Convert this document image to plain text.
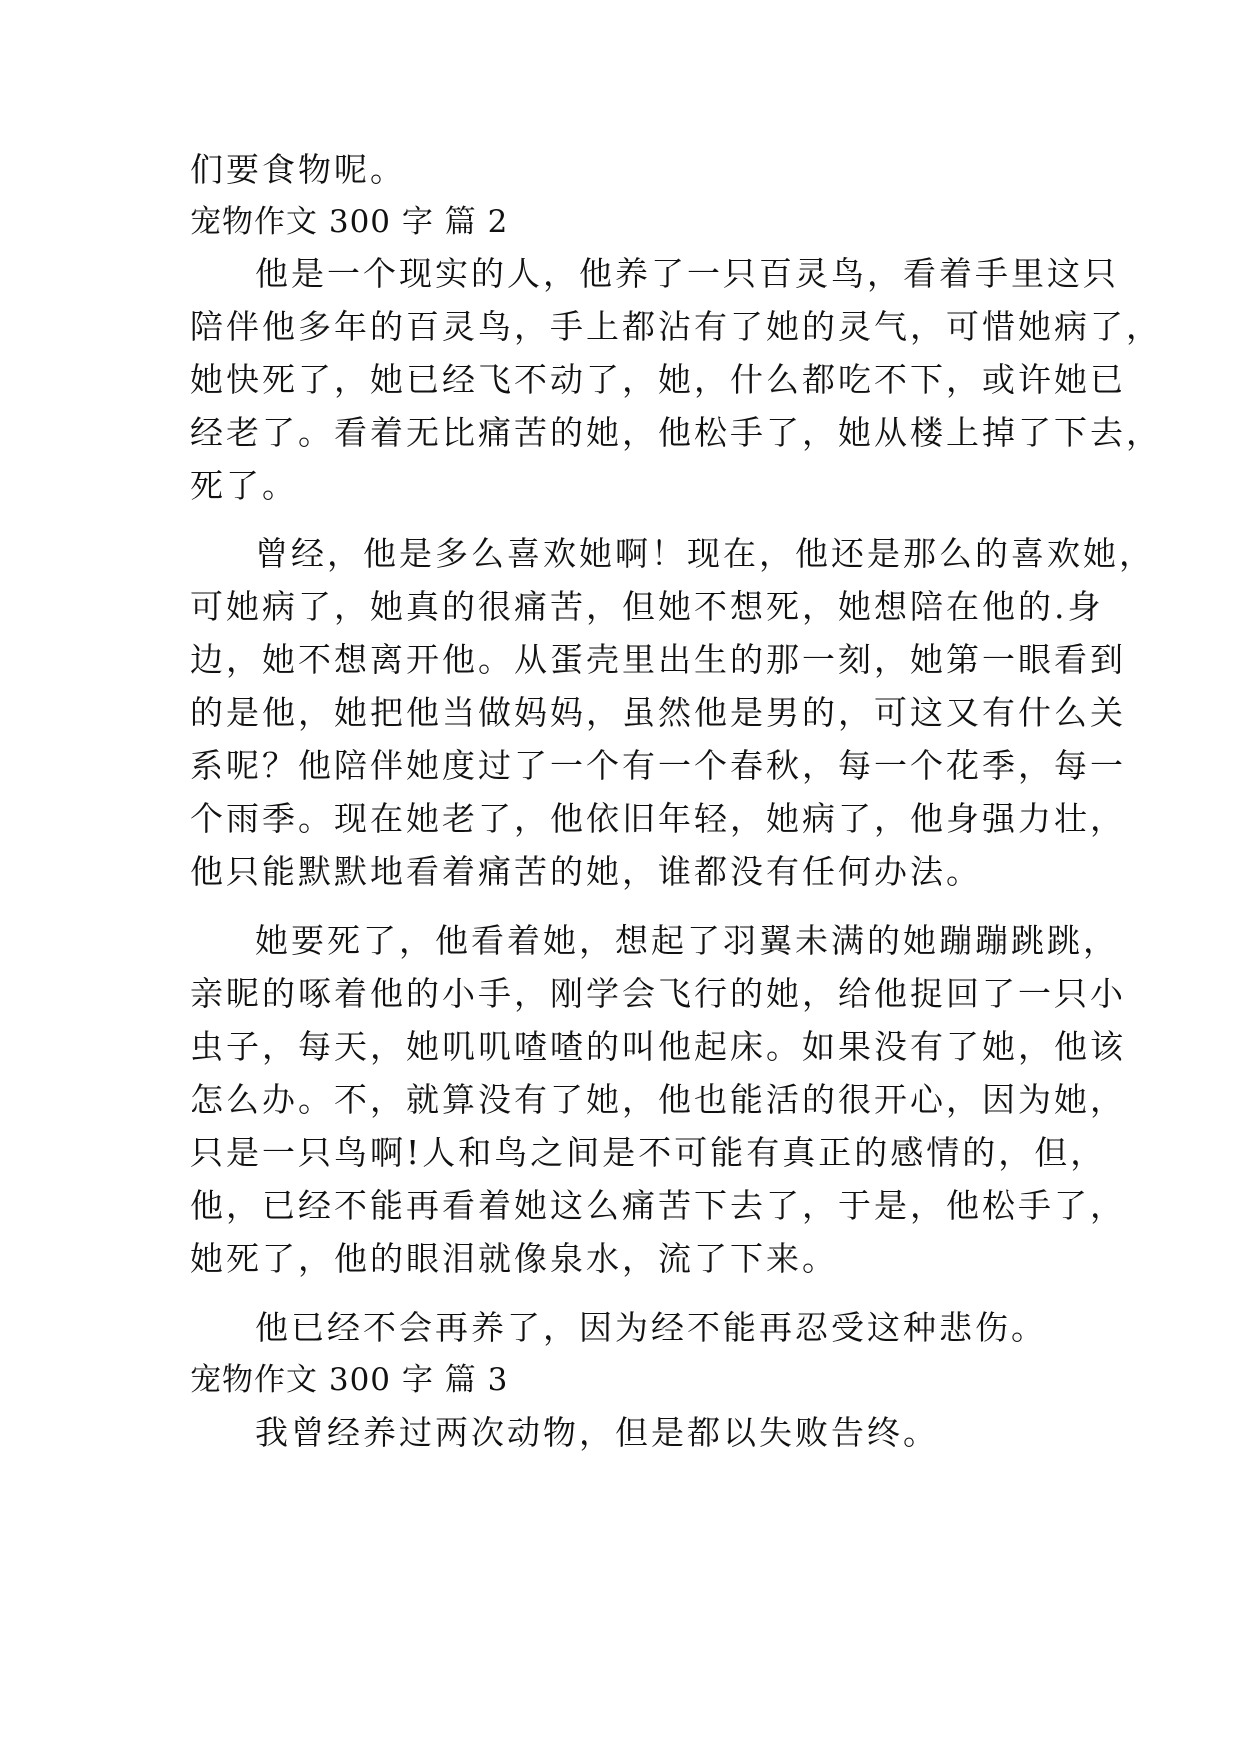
们要食物呢。
宠物作文 300 字 篇 2
他是一个现实的人，他养了一只百灵鸟，看着手里这只
陪伴他多年的百灵鸟，手上都沾有了她的灵气，可惜她病了，
她快死了，她已经飞不动了，她，什么都吃不下，或许她已
经老了。看着无比痛苦的她，他松手了，她从楼上掉了下去，
死了。
曾经，他是多么喜欢她啊！现在，他还是那么的喜欢她，
可她病了，她真的很痛苦，但她不想死，她想陪在他的.身
边，她不想离开他。从蛋壳里出生的那一刻，她第一眼看到
的是他，她把他当做妈妈，虽然他是男的，可这又有什么关
系呢？他陪伴她度过了一个有一个春秋，每一个花季，每一
个雨季。现在她老了，他依旧年轻，她病了，他身强力壮，
他只能默默地看着痛苦的她，谁都没有任何办法。
她要死了，他看着她，想起了羽翼未满的她蹦蹦跳跳，
亲昵的啄着他的小手，刚学会飞行的她，给他捉回了一只小
虫子，每天，她叽叽喳喳的叫他起床。如果没有了她，他该
怎么办。不，就算没有了她，他也能活的很开心，因为她，
只是一只鸟啊!人和鸟之间是不可能有真正的感情的，但，
他，已经不能再看着她这么痛苦下去了，于是，他松手了，
她死了，他的眼泪就像泉水，流了下来。
他已经不会再养了，因为经不能再忍受这种悲伤。
宠物作文 300 字 篇 3
我曾经养过两次动物，但是都以失败告终。
